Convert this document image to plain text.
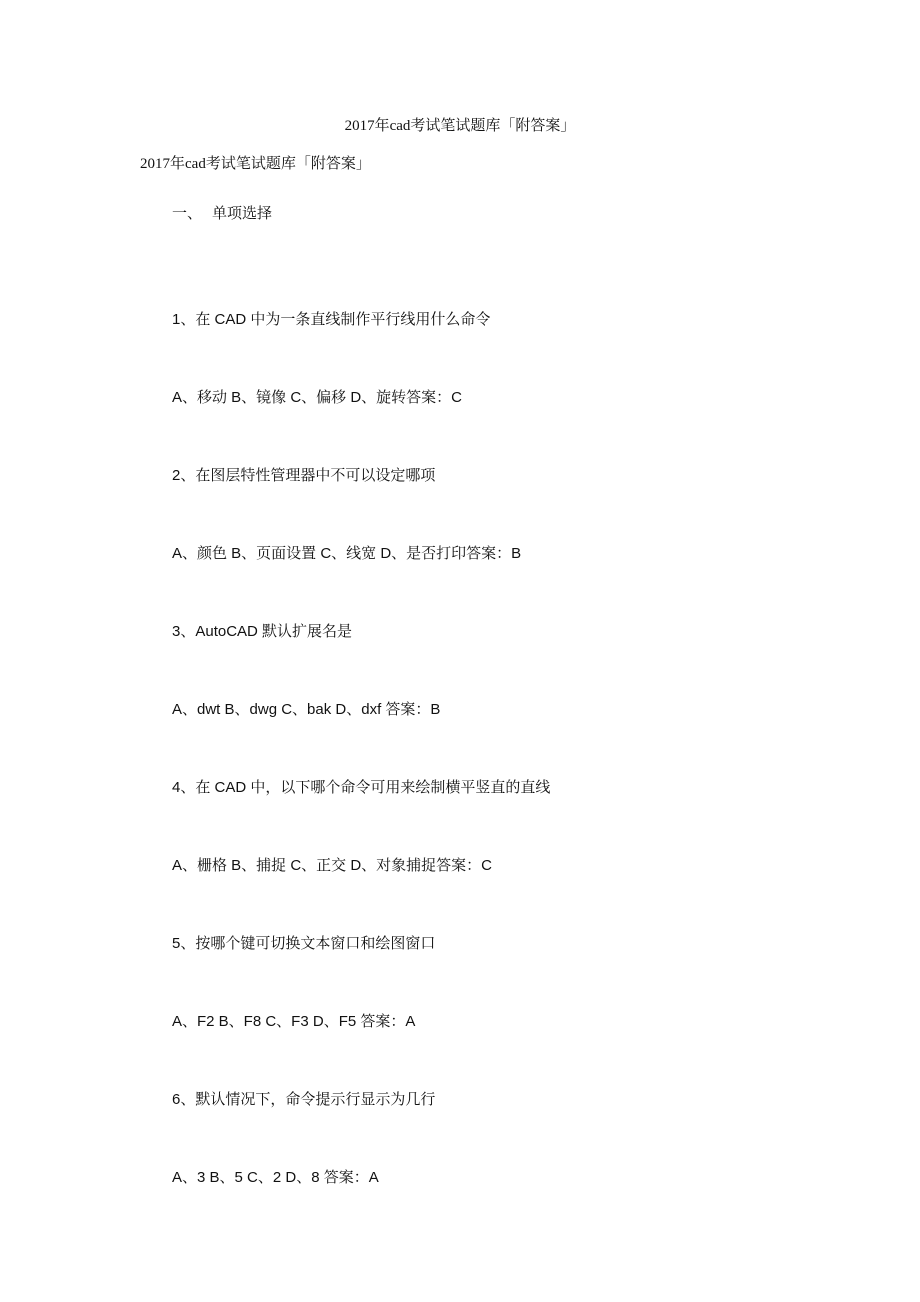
2017年cad考试笔试题库「附答案」
2017年cad考试笔试题库「附答案」
一、 单项选择
1、在 CAD 中为一条直线制作平行线用什么命令
A、移动 B、镜像 C、偏移 D、旋转答案：C
2、在图层特性管理器中不可以设定哪项
A、颜色 B、页面设置 C、线宽 D、是否打印答案：B
3、AutoCAD 默认扩展名是
A、dwt B、dwg C、bak D、dxf 答案：B
4、在 CAD 中，以下哪个命令可用来绘制横平竖直的直线
A、栅格 B、捕捉 C、正交 D、对象捕捉答案：C
5、按哪个键可切换文本窗口和绘图窗口
A、F2 B、F8 C、F3 D、F5 答案：A
6、默认情况下，命令提示行显示为几行
A、3 B、5 C、2 D、8 答案：A
